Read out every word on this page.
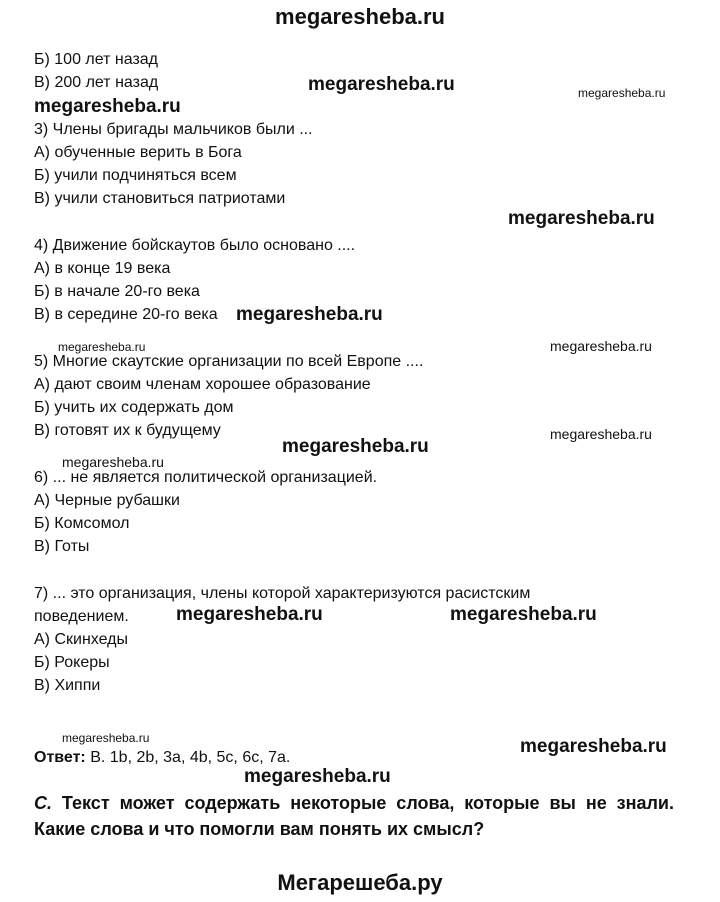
megaresheba.ru
Мегарешеба.ру
Б) 100 лет назад
В) 200 лет назад
3) Члены бригады мальчиков были ...
А) обученные верить в Бога
Б) учили подчиняться всем
В) учили становиться патриотами
4) Движение бойскаутов было основано ....
А) в конце 19 века
Б) в начале 20-го века
В) в середине 20-го века
5) Многие скаутские организации по всей Европе ....
А) дают своим членам хорошее образование
Б) учить их содержать дом
В) готовят их к будущему
6) ... не является политической организацией.
А) Черные рубашки
Б) Комсомол
В) Готы
7) ... это организация, члены которой характеризуются расистским
поведением.
А) Скинхеды
Б) Рокеры
В) Хиппи
Ответ: В. 1b, 2b, 3a, 4b, 5c, 6c, 7a.
C. Текст может содержать некоторые слова, которые вы не знали. Какие слова и что помогли вам понять их смысл?
megaresheba.ru	megaresheba.ru
megaresheba.ru
megaresheba.ru
megaresheba.ru
megaresheba.ru	megaresheba.ru
megaresheba.ru
megaresheba.ru
megaresheba.ru
megaresheba.ru	megaresheba.ru
megaresheba.ru	megaresheba.ru
megaresheba.ru
